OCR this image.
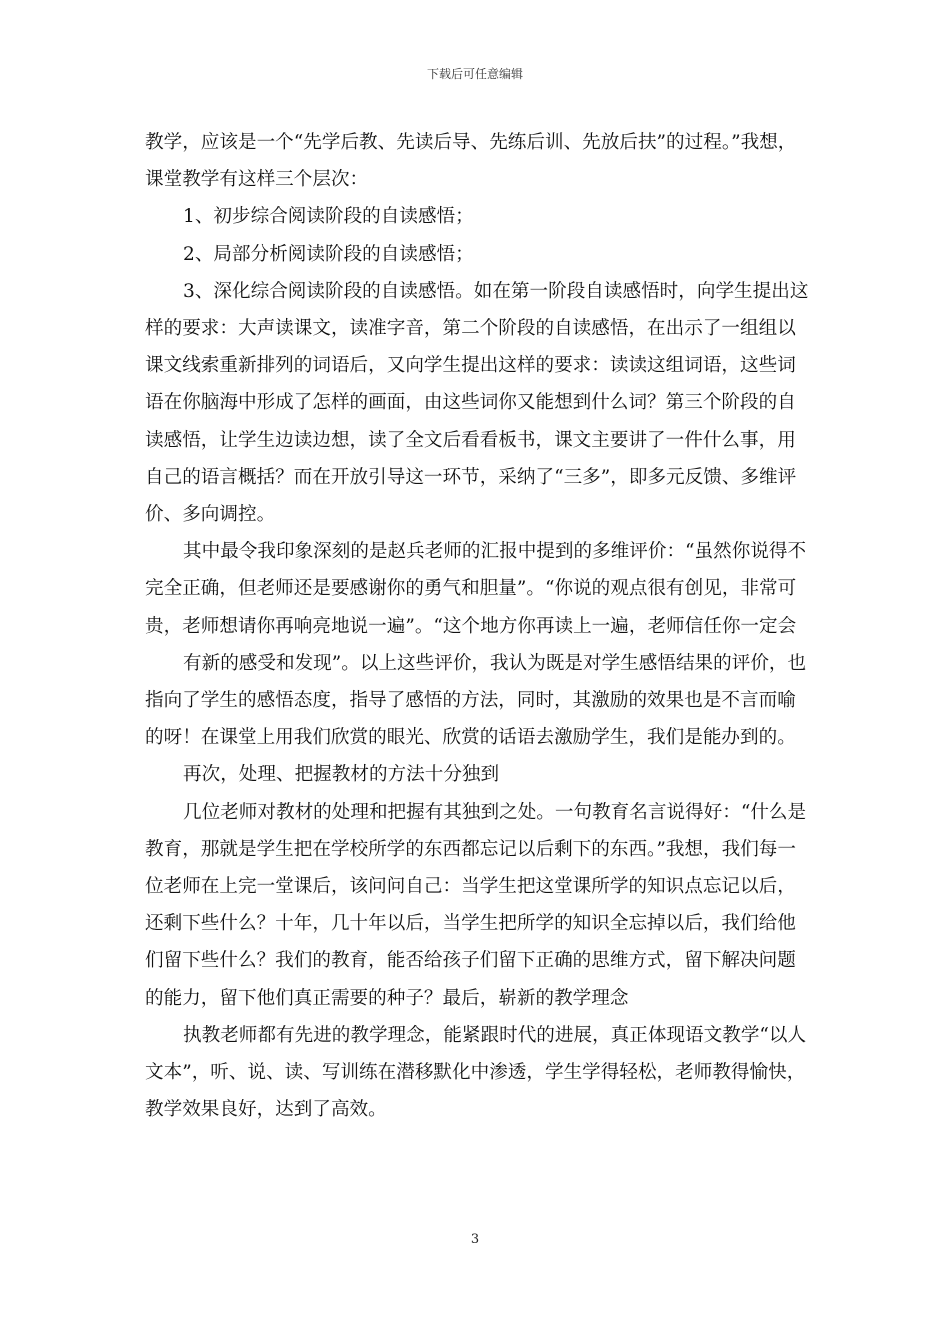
下载后可任意编辑

教学，应该是一个“先学后教、先读后导、先练后训、先放后扶”的过程。”我想，课堂教学有这样三个层次：

1、初步综合阅读阶段的自读感悟；

2、局部分析阅读阶段的自读感悟；

3、深化综合阅读阶段的自读感悟。如在第一阶段自读感悟时，向学生提出这样的要求：大声读课文，读准字音，第二个阶段的自读感悟，在出示了一组组以课文线索重新排列的词语后，又向学生提出这样的要求：读读这组词语，这些词语在你脑海中形成了怎样的画面，由这些词你又能想到什么词？第三个阶段的自读感悟，让学生边读边想，读了全文后看看板书，课文主要讲了一件什么事，用自己的语言概括？而在开放引导这一环节，采纳了“三多”，即多元反馈、多维评价、多向调控。

其中最令我印象深刻的是赵兵老师的汇报中提到的多维评价：“虽然你说得不完全正确，但老师还是要感谢你的勇气和胆量”。“你说的观点很有创见，非常可贵，老师想请你再响亮地说一遍”。“这个地方你再读上一遍，老师信任你一定会

有新的感受和发现”。以上这些评价，我认为既是对学生感悟结果的评价，也指向了学生的感悟态度，指导了感悟的方法，同时，其激励的效果也是不言而喻的呀！在课堂上用我们欣赏的眼光、欣赏的话语去激励学生，我们是能办到的。

再次，处理、把握教材的方法十分独到

几位老师对教材的处理和把握有其独到之处。一句教育名言说得好：“什么是教育，那就是学生把在学校所学的东西都忘记以后剩下的东西。”我想，我们每一位老师在上完一堂课后，该问问自己：当学生把这堂课所学的知识点忘记以后，还剩下些什么？十年，几十年以后，当学生把所学的知识全忘掉以后，我们给他们留下些什么？我们的教育，能否给孩子们留下正确的思维方式，留下解决问题的能力，留下他们真正需要的种子？最后，崭新的教学理念

执教老师都有先进的教学理念，能紧跟时代的进展，真正体现语文教学“以人文本”，听、说、读、写训练在潜移默化中渗透，学生学得轻松，老师教得愉快，教学效果良好，达到了高效。

3
